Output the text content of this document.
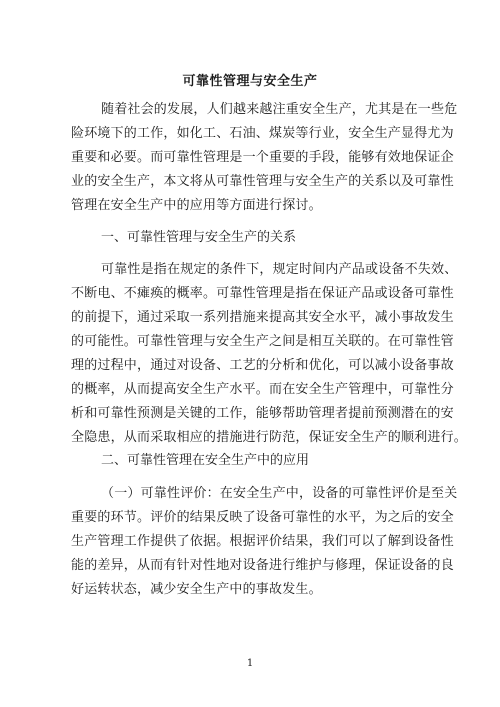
可靠性管理与安全生产
随着社会的发展，人们越来越注重安全生产，尤其是在一些危
险环境下的工作，如化工、石油、煤炭等行业，安全生产显得尤为
重要和必要。而可靠性管理是一个重要的手段，能够有效地保证企
业的安全生产，本文将从可靠性管理与安全生产的关系以及可靠性
管理在安全生产中的应用等方面进行探讨。
一、可靠性管理与安全生产的关系
可靠性是指在规定的条件下，规定时间内产品或设备不失效、
不断电、不瘫痪的概率。可靠性管理是指在保证产品或设备可靠性
的前提下，通过采取一系列措施来提高其安全水平，减小事故发生
的可能性。可靠性管理与安全生产之间是相互关联的。在可靠性管
理的过程中，通过对设备、工艺的分析和优化，可以减小设备事故
的概率，从而提高安全生产水平。而在安全生产管理中，可靠性分
析和可靠性预测是关键的工作，能够帮助管理者提前预测潜在的安
全隐患，从而采取相应的措施进行防范，保证安全生产的顺利进行。
二、可靠性管理在安全生产中的应用
（一）可靠性评价：在安全生产中，设备的可靠性评价是至关
重要的环节。评价的结果反映了设备可靠性的水平，为之后的安全
生产管理工作提供了依据。根据评价结果，我们可以了解到设备性
能的差异，从而有针对性地对设备进行维护与修理，保证设备的良
好运转状态，减少安全生产中的事故发生。
1
